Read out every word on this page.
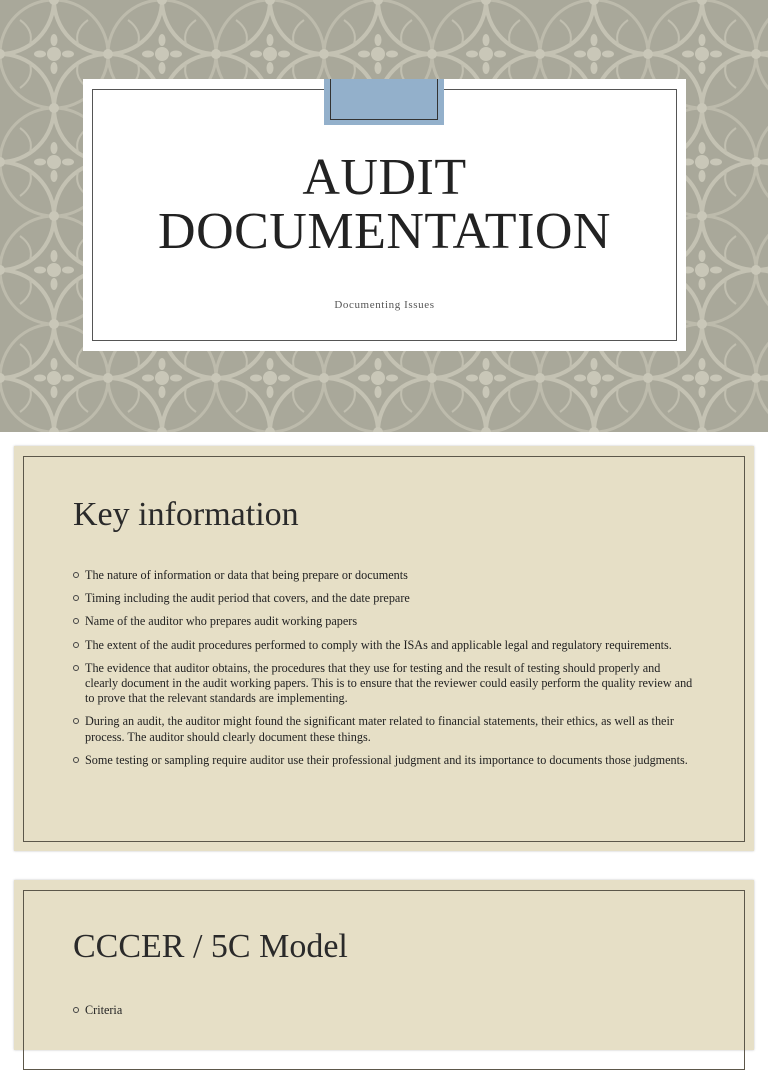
AUDIT
DOCUMENTATION
Documenting Issues
Key information
The nature of information or data that being prepare or documents
Timing including the audit period that covers, and the date prepare
Name of the auditor who prepares audit working papers
The extent of the audit procedures performed to comply with the ISAs and applicable legal and regulatory requirements.
The evidence that auditor obtains, the procedures that they use for testing and the result of testing should properly and clearly document in the audit working papers. This is to ensure that the reviewer could easily perform the quality review and to prove that the relevant standards are implementing.
During an audit, the auditor might found the significant mater related to financial statements, their ethics, as well as their process. The auditor should clearly document these things.
Some testing or sampling require auditor use their professional judgment and its importance to documents those judgments.
CCCER / 5C Model
Criteria
